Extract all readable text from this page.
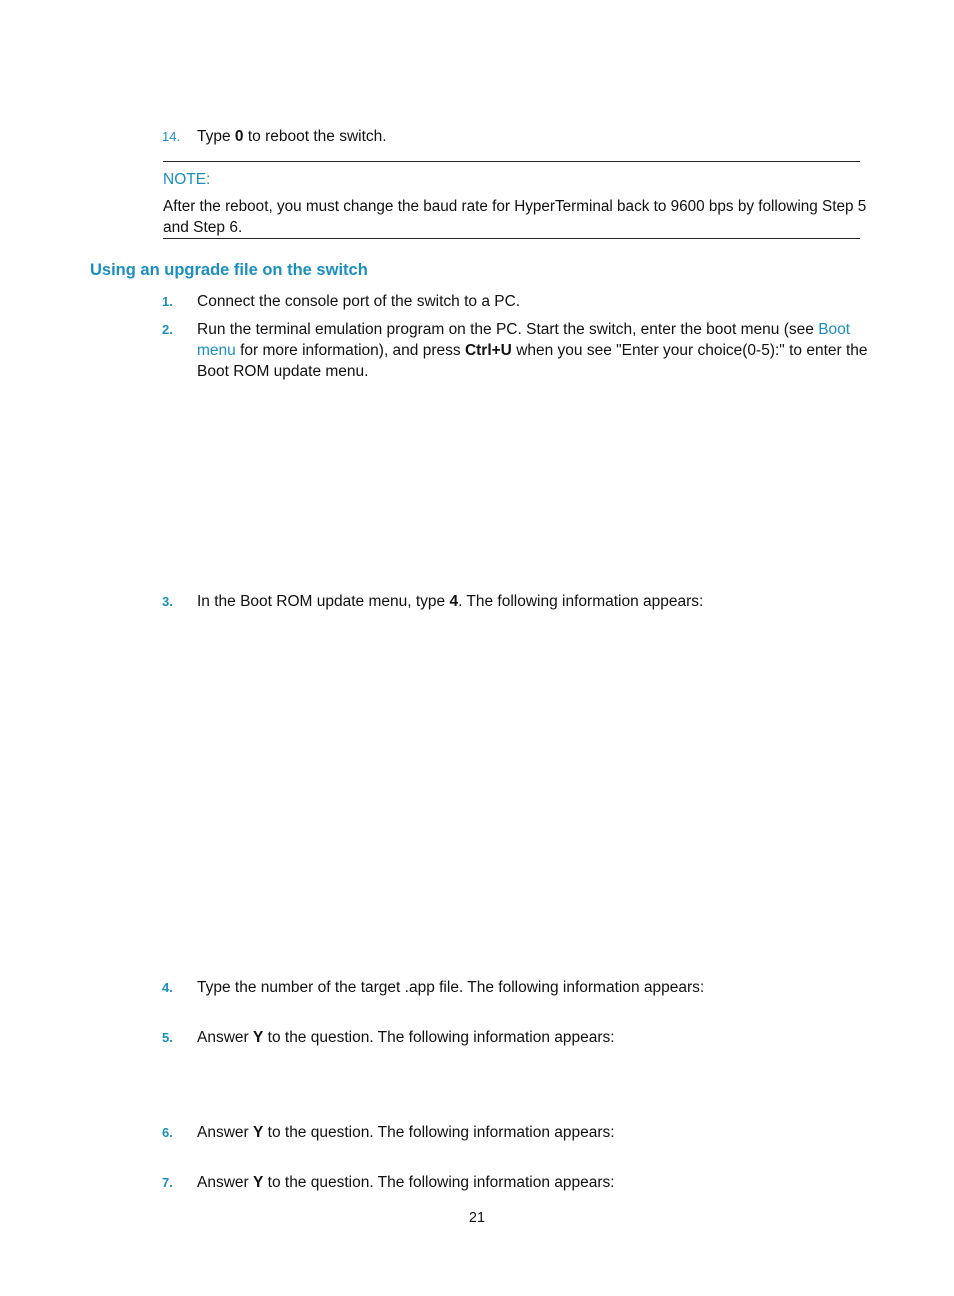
14. Type 0 to reboot the switch.
NOTE:
After the reboot, you must change the baud rate for HyperTerminal back to 9600 bps by following Step 5
and Step 6.
Using an upgrade file on the switch
1. Connect the console port of the switch to a PC.
2. Run the terminal emulation program on the PC. Start the switch, enter the boot menu (see Boot
menu for more information), and press Ctrl+U when you see "Enter your choice(0-5):" to enter the
Boot ROM update menu.
3. In the Boot ROM update menu, type 4. The following information appears:
4. Type the number of the target .app file. The following information appears:
5. Answer Y to the question. The following information appears:
6. Answer Y to the question. The following information appears:
7. Answer Y to the question. The following information appears:
21
